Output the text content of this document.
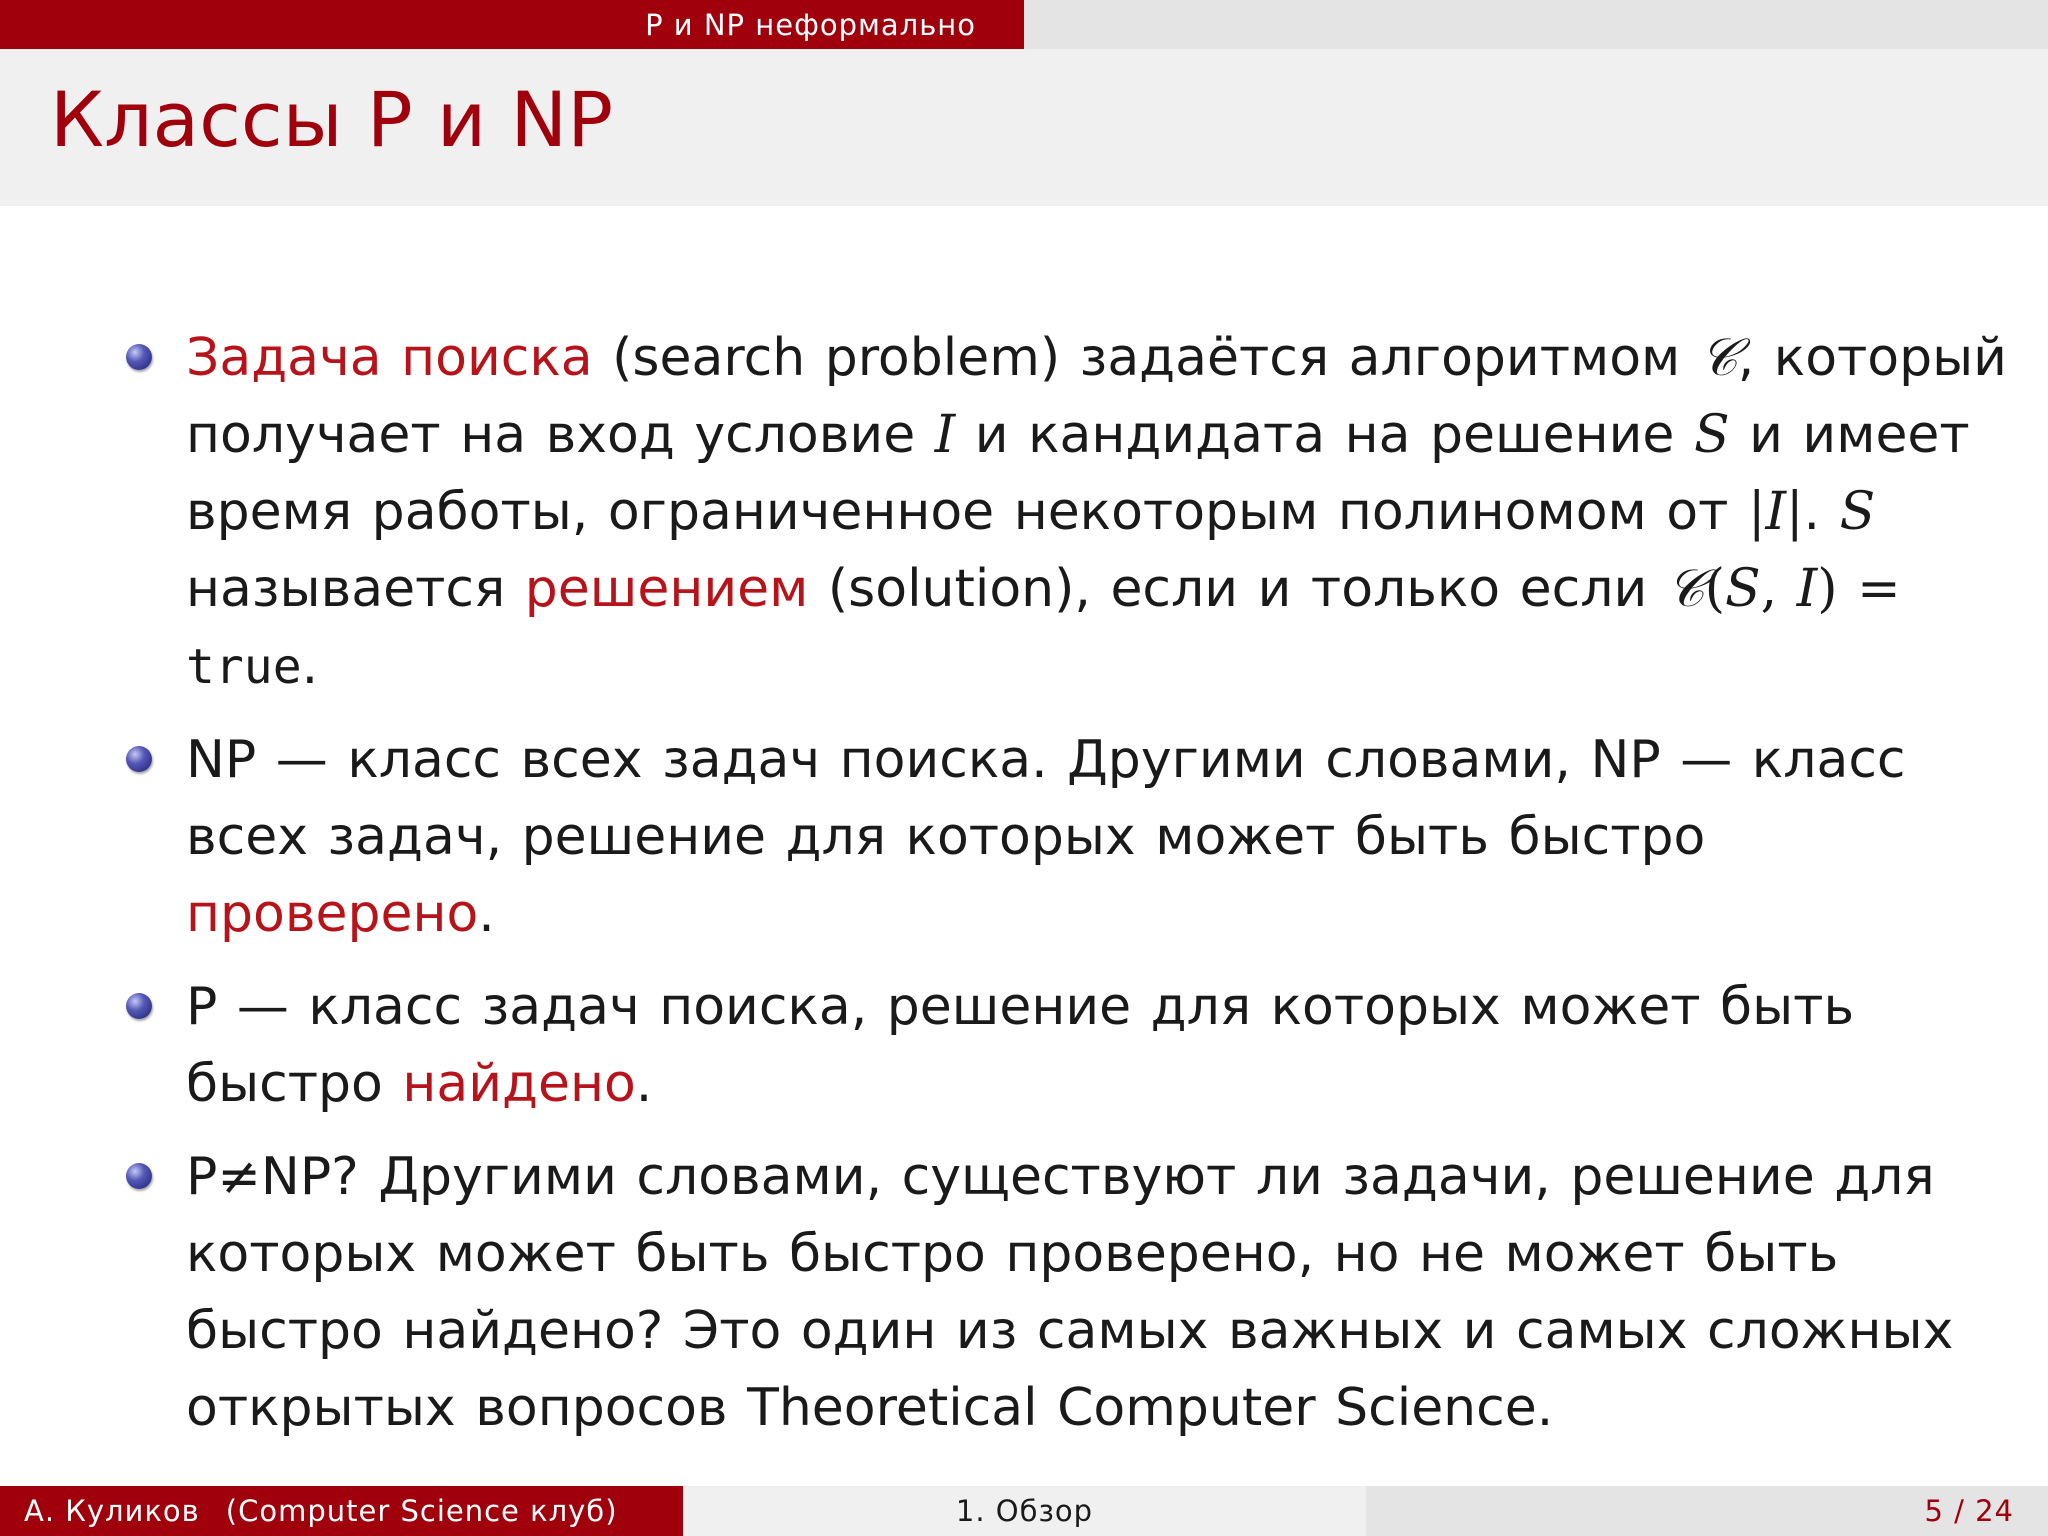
P и NP неформально
Классы P и NP
Задача поиска (search problem) задаётся алгоритмом 𝒞, который получает на вход условие I и кандидата на решение S и имеет время работы, ограниченное некоторым полиномом от |I|. S называется решением (solution), если и только если 𝒞(S, I) = true.
NP — класс всех задач поиска. Другими словами, NP — класс всех задач, решение для которых может быть быстро проверено.
P — класс задач поиска, решение для которых может быть быстро найдено.
P≠NP? Другими словами, существуют ли задачи, решение для которых может быть быстро проверено, но не может быть быстро найдено? Это один из самых важных и самых сложных открытых вопросов Theoretical Computer Science.
А. Куликов (Computer Science клуб)	1. Обзор	5 / 24
